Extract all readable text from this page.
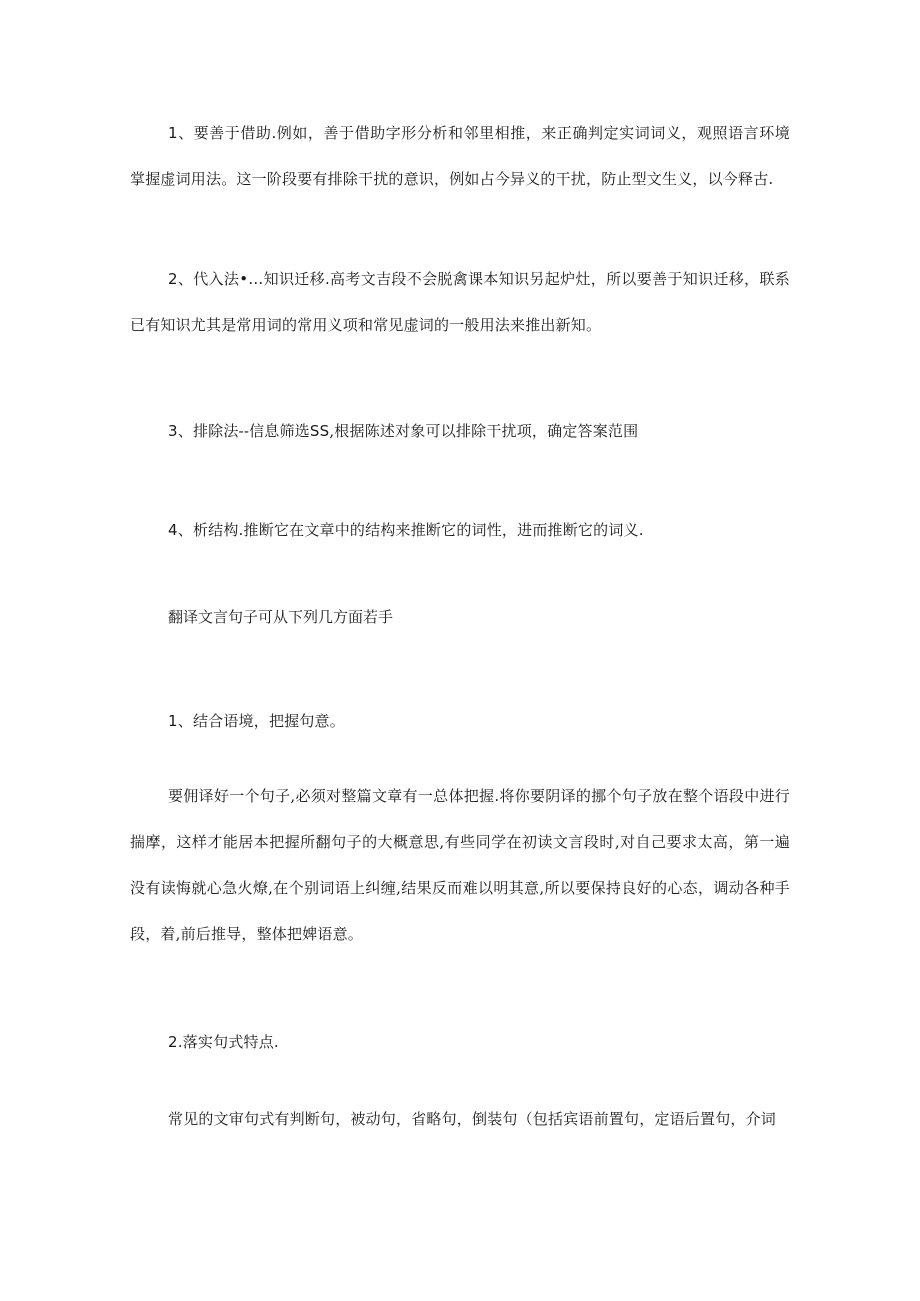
1、要善于借助.例如，善于借助字形分析和邻里相推，来正确判定实词词义，观照语言环境掌握虚词用法。这一阶段要有排除干扰的意识，例如占今异义的干扰，防止型文生义，以今释古.

2、代入法•…知识迁移.高考文吉段不会脱禽课本知识另起炉灶，所以要善于知识迁移，联系已有知识尤其是常用词的常用义项和常见虚词的一般用法来推出新知。

3、排除法--信息筛选SS,根据陈述对象可以排除干扰项，确定答案范围

4、析结构.推断它在文章中的结构来推断它的词性，进而推断它的词义.

翻译文言句子可从下列几方面若手

1、结合语境，把握句意。

要佣译好一个句子,必须对整篇文章有一总体把握.将你要阴译的挪个句子放在整个语段中进行揣摩，这样才能居本把握所翻句子的大概意思,有些同学在初读文言段时,对自己要求太高，第一遍没有读悔就心急火燎,在个别词语上纠缠,结果反而难以明其意,所以要保持良好的心态，调动各种手段，着,前后推导，整体把婢语意。

2.落实句式特点.

常见的文审句式有判断句，被动句，省略句，倒装句（包括宾语前置句，定语后置句，介词
